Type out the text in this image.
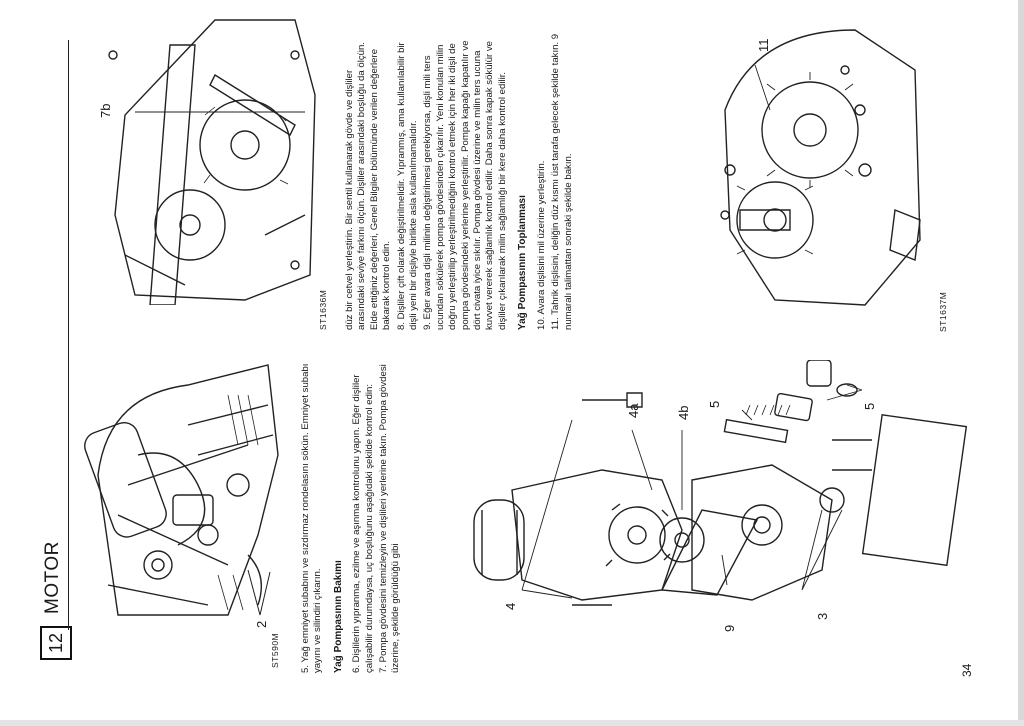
12
MOTOR
34
ST590M
2	5. Yağ emniyet subabını ve sızdırmaz rondelasını sökün. Emniyet subabı yayını ve silindiri çıkarın. Yağ Pompasının Bakımı 6. Dişlilerin yıpranma, ezilme ve aşınma kontrolunu yapın. Eğer dişliler çalışabilir durumdaysa, uç boşluğunu aşağıdaki şekilde kontrol edin: 7. Pompa gövdesini temizleyin ve dişlileri yerlerine takın. Pompa gövdesi üzerine, şekilde görüldüğü gibi	4
4a	4b
5	5
9
3
ST1636M
7b	düz bir cetvel yerleştirin. Bir sentil kullanarak gövde ve dişliler arasındaki seviye farkını ölçün. Dişliler arasındaki boşluğu da ölçün. Elde ettiğiniz değerleri, Genel Bilgiler bölümünde verilen değerlere bakarak kontrol edin. 8. Dişliler çift olarak değiştirilmelidir. Yıpranmış, ama kullanılabilir bir dişli yeni bir dişliyle birlikte asla kullanılmamalıdır. 9. Eğer avara dişli milinin değiştirilmesi gerekiyorsa, dişli mili ters ucundan sökülerek pompa gövdesinden çıkarılır. Yeni konulan milin doğru yerleştirilip yerleştirilmediğini kontrol etmek için her iki dişli de pompa gövdesindeki yerlerine yerleştirilir. Pompa kapağı kapatılır ve dört civata iyice sıkılır. Pompa gövdesi üzerine ve milin ters ucuna kuvvet vererek sağlamlık kontrol edilir. Daha sonra kapak sökülür ve dişliler çıkarılarak milin sağlamlığı bir kere daha kontrol edilir. Yağ Pompasının Toplanması 10. Avara dişlisini mil üzerine yerleştirin. 11. Tahrik dişlisini, deliğin düz kısmı üst tarafa gelecek şekilde takın. 9 numaralı talimattan sonraki şekilde bakın.	ST1637M
11
